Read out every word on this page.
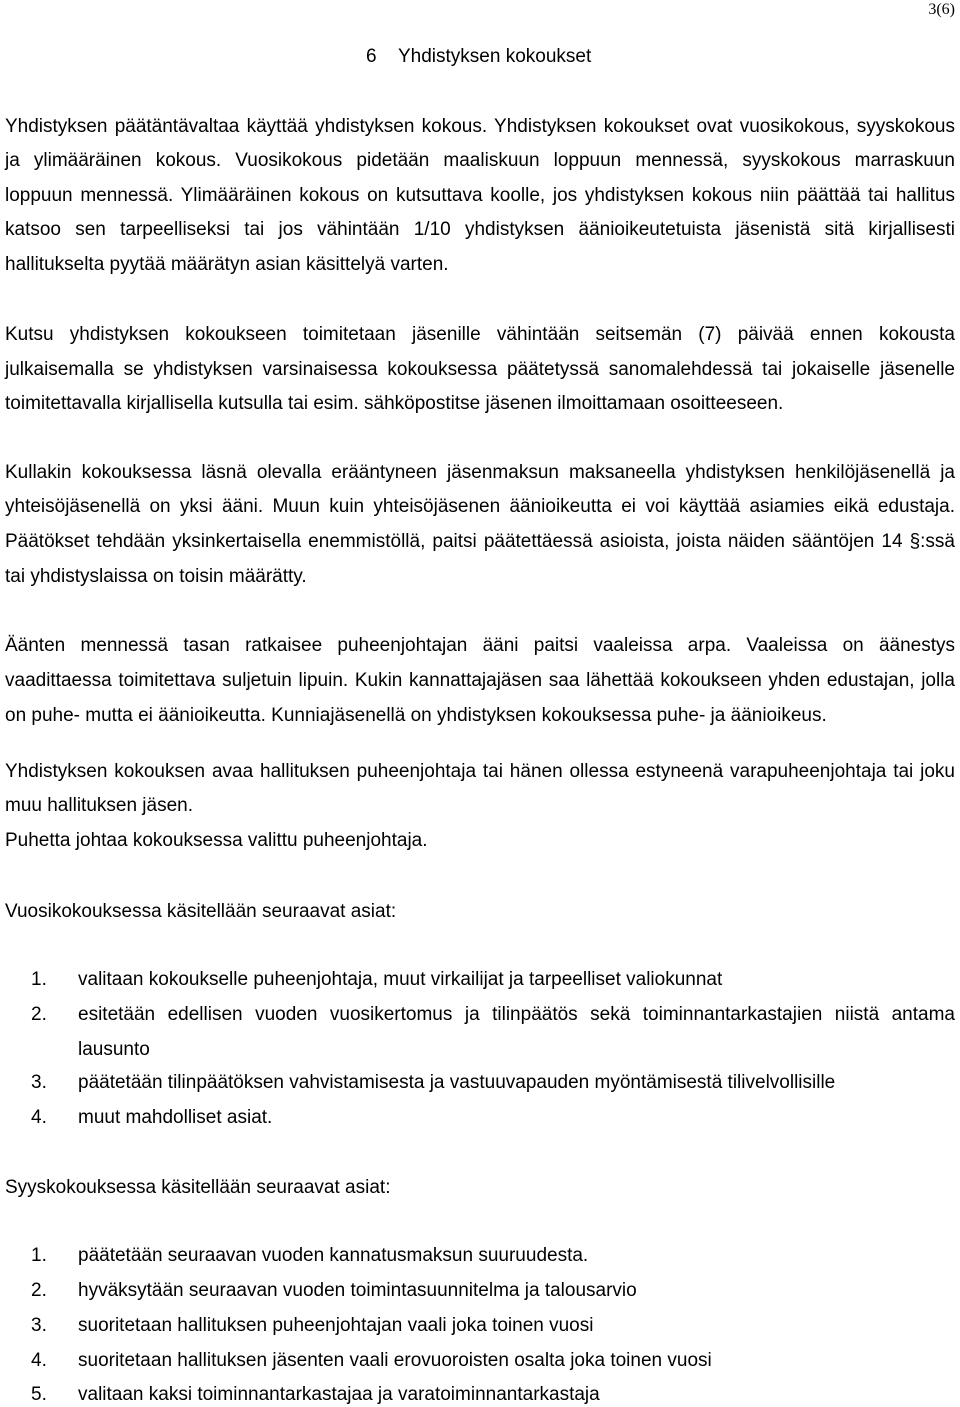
3(6)
6 Yhdistyksen kokoukset
Yhdistyksen päätäntävaltaa käyttää yhdistyksen kokous. Yhdistyksen kokoukset ovat vuosikokous, syyskokous
ja ylimääräinen kokous. Vuosikokous pidetään maaliskuun loppuun mennessä, syyskokous marraskuun
loppuun mennessä. Ylimääräinen kokous on kutsuttava koolle, jos yhdistyksen kokous niin päättää tai hallitus
katsoo sen tarpeelliseksi tai jos vähintään 1/10 yhdistyksen äänioikeutetuista jäsenistä sitä kirjallisesti
hallitukselta pyytää määrätyn asian käsittelyä varten.
Kutsu yhdistyksen kokoukseen toimitetaan jäsenille vähintään seitsemän (7) päivää ennen kokousta
julkaisemalla se yhdistyksen varsinaisessa kokouksessa päätetyssä sanomalehdessä tai jokaiselle jäsenelle
toimitettavalla kirjallisella kutsulla tai esim. sähköpostitse jäsenen ilmoittamaan osoitteeseen.
Kullakin kokouksessa läsnä olevalla erääntyneen jäsenmaksun maksaneella yhdistyksen henkilöjäsenellä ja
yhteisöjäsenellä on yksi ääni. Muun kuin yhteisöjäsenen äänioikeutta ei voi käyttää asiamies eikä edustaja.
Päätökset tehdään yksinkertaisella enemmistöllä, paitsi päätettäessä asioista, joista näiden sääntöjen 14 §:ssä
tai yhdistyslaissa on toisin määrätty.
Äänten mennessä tasan ratkaisee puheenjohtajan ääni paitsi vaaleissa arpa. Vaaleissa on äänestys
vaadittaessa toimitettava suljetuin lipuin. Kukin kannattajajäsen saa lähettää kokoukseen yhden edustajan, jolla
on puhe- mutta ei äänioikeutta. Kunniajäsenellä on yhdistyksen kokouksessa puhe- ja äänioikeus.
Yhdistyksen kokouksen avaa hallituksen puheenjohtaja tai hänen ollessa estyneenä varapuheenjohtaja tai joku
muu hallituksen jäsen.
Puhetta johtaa kokouksessa valittu puheenjohtaja.
Vuosikokouksessa käsitellään seuraavat asiat:
1. valitaan kokoukselle puheenjohtaja, muut virkailijat ja tarpeelliset valiokunnat
2. esitetään edellisen vuoden vuosikertomus ja tilinpäätös sekä toiminnantarkastajien niistä antama
lausunto
3. päätetään tilinpäätöksen vahvistamisesta ja vastuuvapauden myöntämisestä tilivelvollisille
4. muut mahdolliset asiat.
Syyskokouksessa käsitellään seuraavat asiat:
1. päätetään seuraavan vuoden kannatusmaksun suuruudesta.
2. hyväksytään seuraavan vuoden toimintasuunnitelma ja talousarvio
3. suoritetaan hallituksen puheenjohtajan vaali joka toinen vuosi
4. suoritetaan hallituksen jäsenten vaali erovuoroisten osalta joka toinen vuosi
5. valitaan kaksi toiminnantarkastajaa ja varatoiminnantarkastaja
